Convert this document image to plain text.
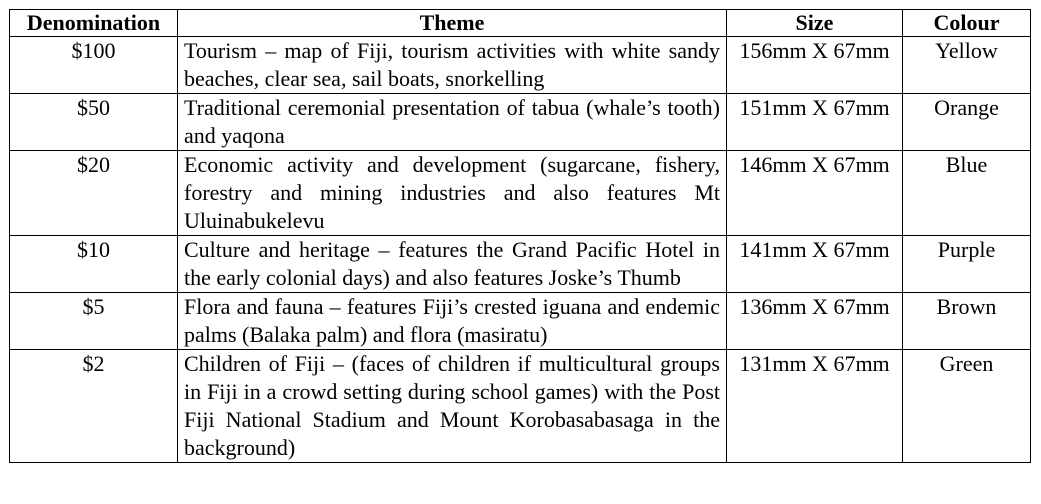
Denomination	Theme	Size	Colour
$100	Tourism – map of Fiji, tourism activities with white sandy beaches, clear sea, sail boats, snorkelling	156mm X 67mm	Yellow
$50	Traditional ceremonial presentation of tabua (whale’s tooth) and yaqona	151mm X 67mm	Orange
$20	Economic activity and development (sugarcane, fishery, forestry and mining industries and also features Mt Uluinabukelevu	146mm X 67mm	Blue
$10	Culture and heritage – features the Grand Pacific Hotel in the early colonial days) and also features Joske’s Thumb	141mm X 67mm	Purple
$5	Flora and fauna – features Fiji’s crested iguana and endemic palms (Balaka palm) and flora (masiratu)	136mm X 67mm	Brown
$2	Children of Fiji – (faces of children if multicultural groups in Fiji in a crowd setting during school games) with the Post Fiji National Stadium and Mount Korobasabasaga in the background)	131mm X 67mm	Green
